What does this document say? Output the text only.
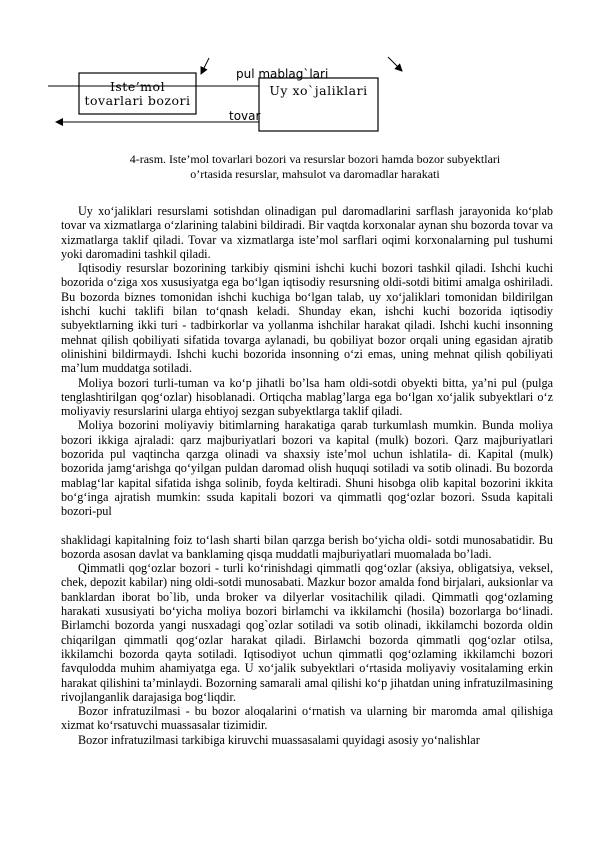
pul mablag`lari
Iste’mol tovarlari bozori
Uy xo`jaliklari
tovar
4-rasm. Iste’mol tovarlari bozori va resurslar bozori hamda bozor subyektlari
o’rtasida resurslar, mahsulot va daromadlar harakati

Uy xo‘jaliklari resurslami sotishdan olinadigan pul daromadlarini sarflash jarayonida ko‘plab tovar va xizmatlarga o‘zlarining talabini bildiradi. Bir vaqtda korxonalar aynan shu bozorda tovar va xizmatlarga taklif qiladi. Tovar va xizmatlarga iste’mol sarflari oqimi korxonalarning pul tushumi yoki daromadini tashkil qiladi.

Iqtisodiy resurslar bozorining tarkibiy qismini ishchi kuchi bozori tashkil qiladi. Ishchi kuchi bozorida o‘ziga xos xususiyatga ega bo‘lgan iqtisodiy resursning oldi-sotdi bitimi amalga oshiriladi. Bu bozorda biznes tomonidan ishchi kuchiga bo‘lgan talab, uy xo‘jaliklari tomonidan bildirilgan ishchi kuchi taklifi bilan to‘qnash keladi. Shunday ekan, ishchi kuchi bozorida iqtisodiy subyektlarning ikki turi - tadbirkorlar va yollanma ishchilar harakat qiladi. Ishchi kuchi insonning mehnat qilish qobiliyati sifatida tovarga aylanadi, bu qobiliyat bozor orqali uning egasidan ajratib olinishini bildirmaydi. Ishchi kuchi bozorida insonning o‘zi emas, uning mehnat qilish qobiliyati ma’lum muddatga sotiladi.

Moliya bozori turli-tuman va ko‘p jihatli bo’lsa ham oldi-sotdi obyekti bitta, ya’ni pul (pulga tenglashtirilgan qog‘ozlar) hisoblanadi. Ortiqcha mablag’larga ega bo‘lgan xo‘jalik subyektlari o‘z moliyaviy resurslarini ularga ehtiyoj sezgan subyektlarga taklif qiladi.

Moliya bozorini moliyaviy bitimlarning harakatiga qarab turkumlash mumkin. Bunda moliya bozori ikkiga ajraladi: qarz majburiyatlari bozori va kapital (mulk) bozori. Qarz majburiyatlari bozorida pul vaqtincha qarzga olinadi va shaxsiy iste’mol uchun ishlatila- di. Kapital (mulk) bozorida jamg‘arishga qo‘yilgan puldan daromad olish huquqi sotiladi va sotib olinadi. Bu bozorda mablag‘lar kapital sifatida ishga solinib, foyda keltiradi. Shuni hisobga olib kapital bozorini ikkita bo‘g‘inga ajratish mumkin: ssuda kapitali bozori va qimmatli qog‘ozlar bozori. Ssuda kapitali bozori-pul

shaklidagi kapitalning foiz to‘lash sharti bilan qarzga berish bo‘yicha oldi- sotdi munosabatidir. Bu bozorda asosan davlat va banklaming qisqa muddatli majburiyatlari muomalada bo’ladi.

Qimmatli qog‘ozlar bozori - turli ko‘rinishdagi qimmatli qog‘ozlar (aksiya, obligatsiya, veksel, chek, depozit kabilar) ning oldi-sotdi munosabati. Mazkur bozor amalda fond birjalari, auksionlar va banklardan iborat bo`lib, unda broker va dilyerlar vositachilik qiladi. Qimmatli qog‘ozlaming harakati xususiyati bo‘yicha moliya bozori birlamchi va ikkilamchi (hosila) bozorlarga bo‘linadi. Birlamchi bozorda yangi nusxadagi qog`ozlar sotiladi va sotib olinadi, ikkilamchi bozorda oldin chiqarilgan qimmatli qog‘ozlar harakat qiladi. Birlaмchi bozorda qimmatli qog‘ozlar otilsa, ikkilamchi bozorda qayta sotiladi. Iqtisodiyot uchun qimmatli qog‘ozlaming ikkilamchi bozori favqulodda muhim ahamiyatga ega. U xo‘jalik subyektlari o‘rtasida moliyaviy vositalaming erkin harakat qilishini ta’minlaydi. Bozorning samarali amal qilishi ko‘p jihatdan uning infratuzilmasining rivojlanganlik darajasiga bog‘liqdir.

Bozor infratuzilmasi - bu bozor aloqalarini o‘rnatish va ularning bir maromda amal qilishiga xizmat ko‘rsatuvchi muassasalar tizimidir.

Bozor infratuzilmasi tarkibiga kiruvchi muassasalami quyidagi asosiy yo‘nalishlar
